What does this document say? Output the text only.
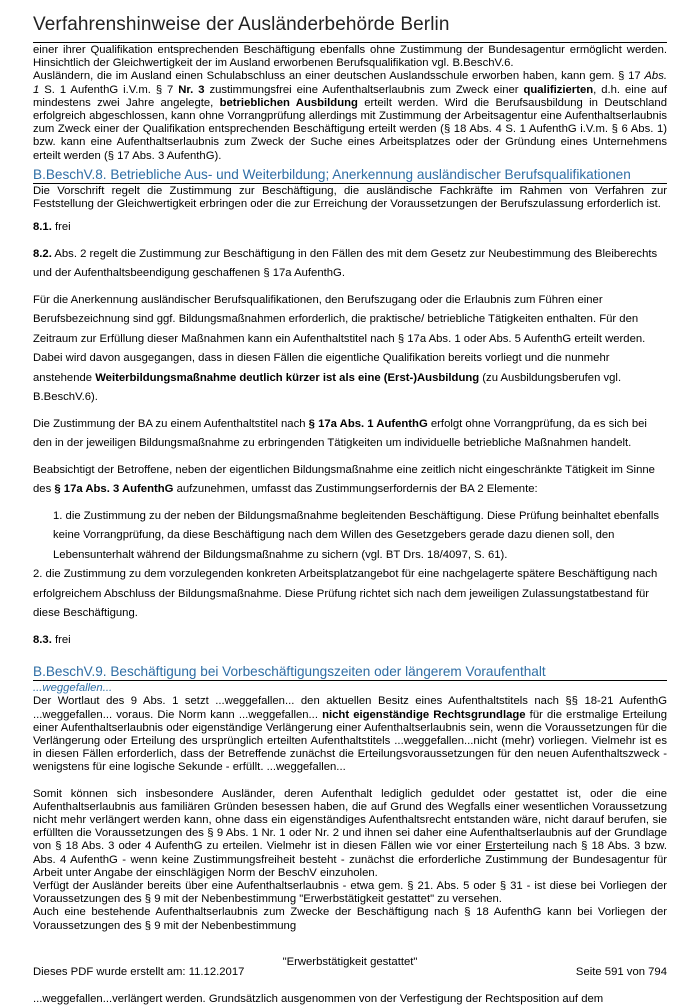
Verfahrenshinweise der Ausländerbehörde Berlin

einer ihrer Qualifikation entsprechenden Beschäftigung ebenfalls ohne Zustimmung der Bundesagentur ermöglicht werden. Hinsichtlich der Gleichwertigkeit der im Ausland erworbenen Berufsqualifikation vgl. B.BeschV.6.

Ausländern, die im Ausland einen Schulabschluss an einer deutschen Auslandsschule erworben haben, kann gem. § 17 Abs. 1 S. 1 AufenthG i.V.m. § 7 Nr. 3 zustimmungsfrei eine Aufenthaltserlaubnis zum Zweck einer qualifizierten, d.h. eine auf mindestens zwei Jahre angelegte, betrieblichen Ausbildung erteilt werden. Wird die Berufsausbildung in Deutschland erfolgreich abgeschlossen, kann ohne Vorrangprüfung allerdings mit Zustimmung der Arbeitsagentur eine Aufenthaltserlaubnis zum Zweck einer der Qualifikation entsprechenden Beschäftigung erteilt werden (§ 18 Abs. 4 S. 1 AufenthG i.V.m. § 6 Abs. 1) bzw. kann eine Aufenthaltserlaubnis zum Zweck der Suche eines Arbeitsplatzes oder der Gründung eines Unternehmens erteilt werden (§ 17 Abs. 3 AufenthG).

B.BeschV.8. Betriebliche Aus- und Weiterbildung; Anerkennung ausländischer Berufsqualifikationen

Die Vorschrift regelt die Zustimmung zur Beschäftigung, die ausländische Fachkräfte im Rahmen von Verfahren zur Feststellung der Gleichwertigkeit erbringen oder die zur Erreichung der Voraussetzungen der Berufszulassung erforderlich ist.

8.1. frei

8.2. Abs. 2 regelt die Zustimmung zur Beschäftigung in den Fällen des mit dem Gesetz zur Neubestimmung des Bleiberechts und der Aufenthaltsbeendigung geschaffenen § 17a AufenthG.

Für die Anerkennung ausländischer Berufsqualifikationen, den Berufszugang oder die Erlaubnis zum Führen einer Berufsbezeichnung sind ggf. Bildungsmaßnahmen erforderlich, die praktische/ betriebliche Tätigkeiten enthalten. Für den Zeitraum zur Erfüllung dieser Maßnahmen kann ein Aufenthaltstitel nach § 17a Abs. 1 oder Abs. 5 AufenthG erteilt werden. Dabei wird davon ausgegangen, dass in diesen Fällen die eigentliche Qualifikation bereits vorliegt und die nunmehr anstehende Weiterbildungsmaßnahme deutlich kürzer ist als eine (Erst-)Ausbildung (zu Ausbildungsberufen vgl. B.BeschV.6).

Die Zustimmung der BA zu einem Aufenthaltstitel nach § 17a Abs. 1 AufenthG erfolgt ohne Vorrangprüfung, da es sich bei den in der jeweiligen Bildungsmaßnahme zu erbringenden Tätigkeiten um individuelle betriebliche Maßnahmen handelt.

Beabsichtigt der Betroffene, neben der eigentlichen Bildungsmaßnahme eine zeitlich nicht eingeschränkte Tätigkeit im Sinne des § 17a Abs. 3 AufenthG aufzunehmen, umfasst das Zustimmungserfordernis der BA 2 Elemente:

1. die Zustimmung zu der neben der Bildungsmaßnahme begleitenden Beschäftigung. Diese Prüfung beinhaltet ebenfalls keine Vorrangprüfung, da diese Beschäftigung nach dem Willen des Gesetzgebers gerade dazu dienen soll, den Lebensunterhalt während der Bildungsmaßnahme zu sichern (vgl. BT Drs. 18/4097, S. 61).

2. die Zustimmung zu dem vorzulegenden konkreten Arbeitsplatzangebot für eine nachgelagerte spätere Beschäftigung nach erfolgreichem Abschluss der Bildungsmaßnahme. Diese Prüfung richtet sich nach dem jeweiligen Zulassungstatbestand für diese Beschäftigung.

8.3. frei

B.BeschV.9. Beschäftigung bei Vorbeschäftigungszeiten oder längerem Voraufenthalt
...weggefallen...

Der Wortlaut des 9 Abs. 1 setzt ...weggefallen... den aktuellen Besitz eines Aufenthaltstitels nach §§ 18-21 AufenthG ...weggefallen... voraus. Die Norm kann ...weggefallen... nicht eigenständige Rechtsgrundlage für die erstmalige Erteilung einer Aufenthaltserlaubnis oder eigenständige Verlängerung einer Aufenthaltserlaubnis sein, wenn die Voraussetzungen für die Verlängerung oder Erteilung des ursprünglich erteilten Aufenthaltstitels ...weggefallen...nicht (mehr) vorliegen. Vielmehr ist es in diesen Fällen erforderlich, dass der Betreffende zunächst die Erteilungsvoraussetzungen für den neuen Aufenthaltszweck - wenigstens für eine logische Sekunde - erfüllt. ...weggefallen...

Somit können sich insbesondere Ausländer, deren Aufenthalt lediglich geduldet oder gestattet ist, oder die eine Aufenthaltserlaubnis aus familiären Gründen besessen haben, die auf Grund des Wegfalls einer wesentlichen Voraussetzung nicht mehr verlängert werden kann, ohne dass ein eigenständiges Aufenthaltsrecht entstanden wäre, nicht darauf berufen, sie erfüllten die Voraussetzungen des § 9 Abs. 1 Nr. 1 oder Nr. 2 und ihnen sei daher eine Aufenthaltserlaubnis auf der Grundlage von § 18 Abs. 3 oder 4 AufenthG zu erteilen. Vielmehr ist in diesen Fällen wie vor einer Ersterteilung nach § 18 Abs. 3 bzw. Abs. 4 AufenthG - wenn keine Zustimmungsfreiheit besteht - zunächst die erforderliche Zustimmung der Bundesagentur für Arbeit unter Angabe der einschlägigen Norm der BeschV einzuholen.

Verfügt der Ausländer bereits über eine Aufenthaltserlaubnis - etwa gem. § 21. Abs. 5 oder § 31 - ist diese bei Vorliegen der Voraussetzungen des § 9 mit der Nebenbestimmung "Erwerbstätigkeit gestattet" zu versehen.

Auch eine bestehende Aufenthaltserlaubnis zum Zwecke der Beschäftigung nach § 18 AufenthG kann bei Vorliegen der Voraussetzungen des § 9 mit der Nebenbestimmung

"Erwerbstätigkeit gestattet"

...weggefallen...verlängert werden. Grundsätzlich ausgenommen von der Verfestigung der Rechtsposition auf dem

Dieses PDF wurde erstellt am: 11.12.2017	Seite 591 von 794
